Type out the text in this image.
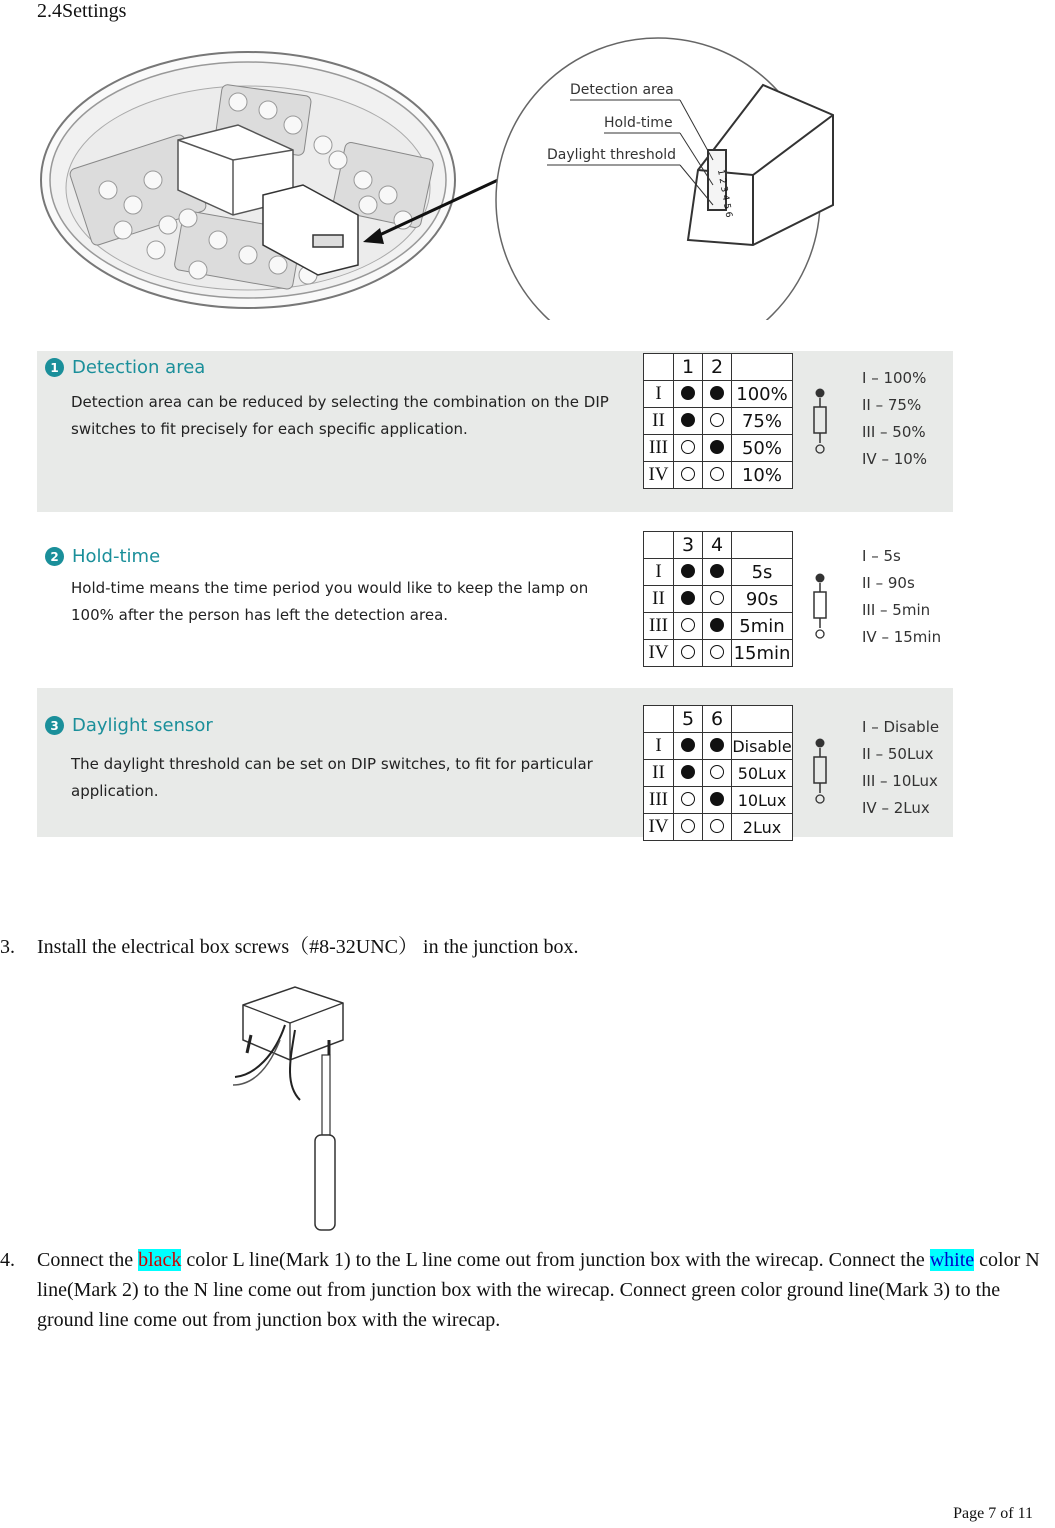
2.4Settings
Detection area
Hold-time
Daylight threshold
1 2 3 4 5 6
1 Detection area
Detection area can be reduced by selecting the combination on the DIP switches to fit precisely for each specific application.
	1	2	
I			100%
II			75%
III			50%
IV			10%
I – 100%
II – 75%
III – 50%
IV – 10%
2 Hold-time
Hold-time means the time period you would like to keep the lamp on 100% after the person has left the detection area.
	3	4	
I			5s
II			90s
III			5min
IV			15min
I – 5s
II – 90s
III – 5min
IV – 15min
3 Daylight sensor
The daylight threshold can be set on DIP switches, to fit for particular application.
	5	6	
I			Disable
II			50Lux
III			10Lux
IV			2Lux
I – Disable
II – 50Lux
III – 10Lux
IV – 2Lux
3. Install the electrical box screws（#8-32UNC） in the junction box.
4. Connect the black color L line(Mark 1) to the L line come out from junction box with the wirecap. Connect the white color N line(Mark 2) to the N line come out from junction box with the wirecap. Connect green color ground line(Mark 3) to the ground line come out from junction box with the wirecap.
Page 7 of 11
